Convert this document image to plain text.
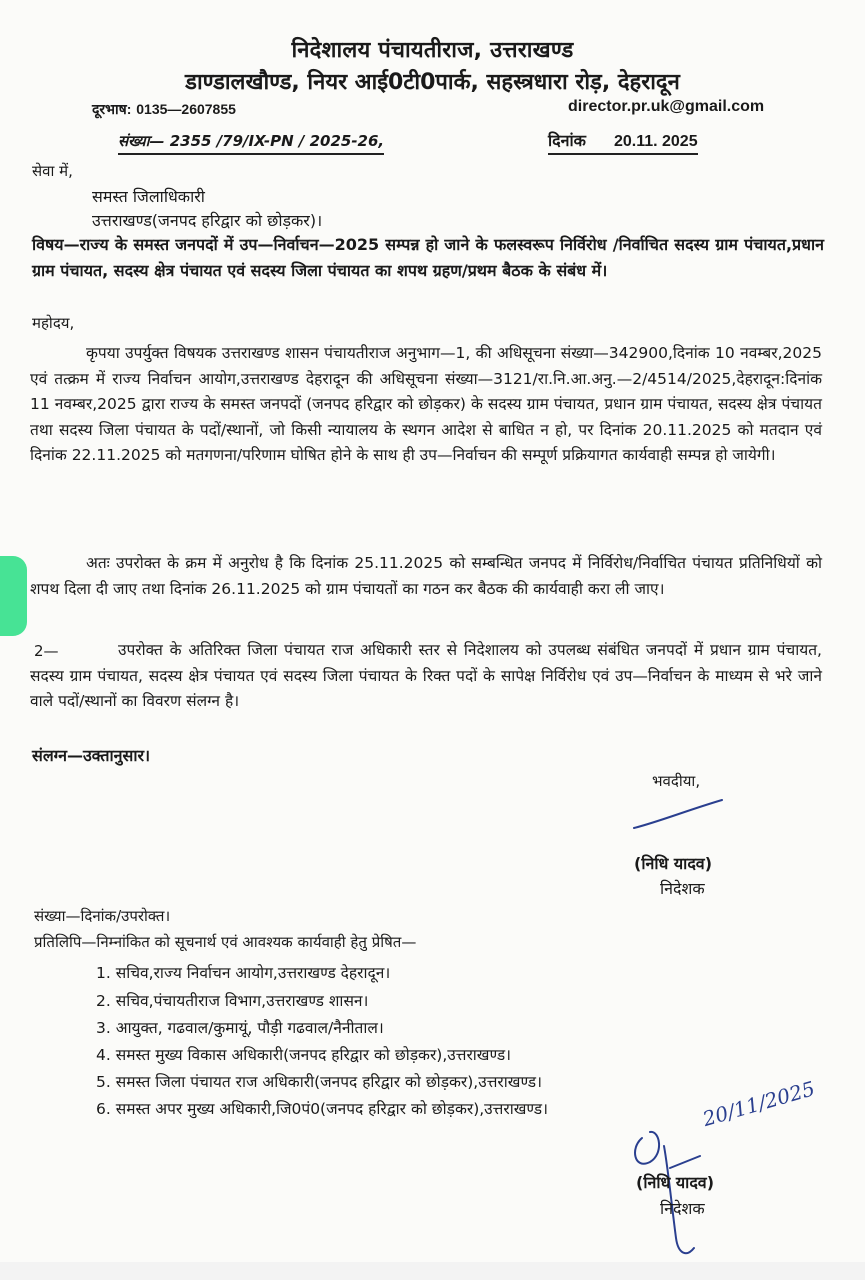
निदेशालय पंचायतीराज, उत्तराखण्ड
डाण्डालखौण्ड, नियर आई0टी0पार्क, सहस्त्रधारा रोड़, देहरादून
दूरभाष: 0135—2607855	director.pr.uk@gmail.com
संख्या— 2355 /79/IX-PN / 2025-26,	दिनांक 20.11. 2025
सेवा में,
समस्त जिलाधिकारी
उत्तराखण्ड(जनपद हरिद्वार को छोड़कर)।
विषय—राज्य के समस्त जनपदों में उप—निर्वाचन—2025 सम्पन्न हो जाने के फलस्वरूप निर्विरोध /निर्वाचित सदस्य ग्राम पंचायत,प्रधान ग्राम पंचायत, सदस्य क्षेत्र पंचायत एवं सदस्य जिला पंचायत का शपथ ग्रहण/प्रथम बैठक के संबंध में।
महोदय,
कृपया उपर्युक्त विषयक उत्तराखण्ड शासन पंचायतीराज अनुभाग—1, की अधिसूचना संख्या—342900,दिनांक 10 नवम्बर,2025 एवं तत्क्रम में राज्य निर्वाचन आयोग,उत्तराखण्ड देहरादून की अधिसूचना संख्या—3121/रा.नि.आ.अनु.—2/4514/2025,देहरादून:दिनांक 11 नवम्बर,2025 द्वारा राज्य के समस्त जनपदों (जनपद हरिद्वार को छोड़कर) के सदस्य ग्राम पंचायत, प्रधान ग्राम पंचायत, सदस्य क्षेत्र पंचायत तथा सदस्य जिला पंचायत के पदों/स्थानों, जो किसी न्यायालय के स्थगन आदेश से बाधित न हो, पर दिनांक 20.11.2025 को मतदान एवं दिनांक 22.11.2025 को मतगणना/परिणाम घोषित होने के साथ ही उप—निर्वाचन की सम्पूर्ण प्रक्रियागत कार्यवाही सम्पन्न हो जायेगी।
अतः उपरोक्त के क्रम में अनुरोध है कि दिनांक 25.11.2025 को सम्बन्धित जनपद में निर्विरोध/निर्वाचित पंचायत प्रतिनिधियों को शपथ दिला दी जाए तथा दिनांक 26.11.2025 को ग्राम पंचायतों का गठन कर बैठक की कार्यवाही करा ली जाए।
2—	उपरोक्त के अतिरिक्त जिला पंचायत राज अधिकारी स्तर से निदेशालय को उपलब्ध संबंधित जनपदों में प्रधान ग्राम पंचायत, सदस्य ग्राम पंचायत, सदस्य क्षेत्र पंचायत एवं सदस्य जिला पंचायत के रिक्त पदों के सापेक्ष निर्विरोध एवं उप—निर्वाचन के माध्यम से भरे जाने वाले पदों/स्थानों का विवरण संलग्न है।
संलग्न—उक्तानुसार।
भवदीया,
(निधि यादव)
निदेशक
संख्या—दिनांक/उपरोक्त।
प्रतिलिपि—निम्नांकित को सूचनार्थ एवं आवश्यक कार्यवाही हेतु प्रेषित—
1. सचिव,राज्य निर्वाचन आयोग,उत्तराखण्ड देहरादून।
2. सचिव,पंचायतीराज विभाग,उत्तराखण्ड शासन।
3. आयुक्त, गढवाल/कुमायूं, पौड़ी गढवाल/नैनीताल।
4. समस्त मुख्य विकास अधिकारी(जनपद हरिद्वार को छोड़कर),उत्तराखण्ड।
5. समस्त जिला पंचायत राज अधिकारी(जनपद हरिद्वार को छोड़कर),उत्तराखण्ड।
6. समस्त अपर मुख्य अधिकारी,जि0पं0(जनपद हरिद्वार को छोड़कर),उत्तराखण्ड।	20/11/2025
(निधि यादव)
निदेशक
